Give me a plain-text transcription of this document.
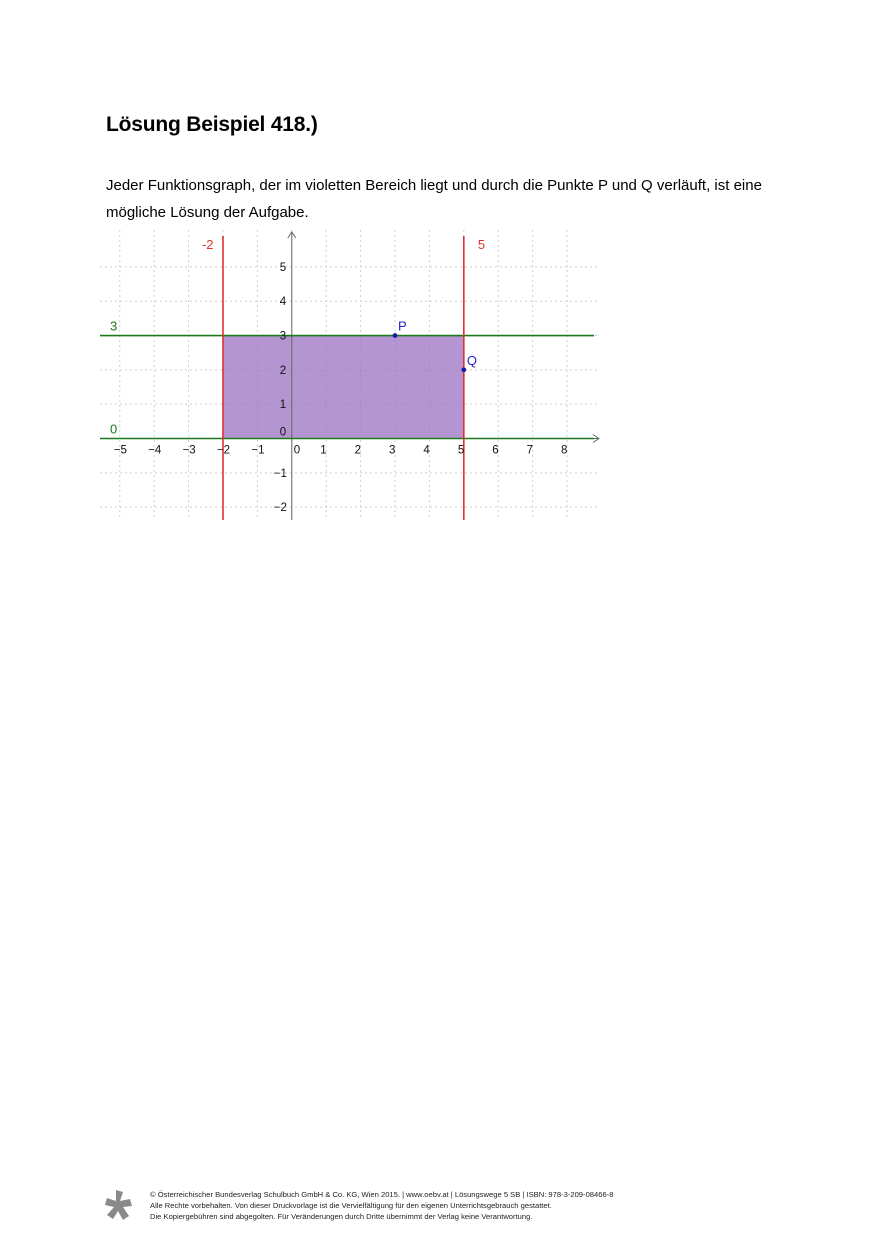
Lösung Beispiel 418.)
Jeder Funktionsgraph, der im violetten Bereich liegt und durch die Punkte P und Q verläuft, ist eine
mögliche Lösung der Aufgabe.
3
0
-2	5
−5 −4 −3 −2 −1	0 1 2 3 4 5 6 7 8
−2
−1
0
1
2
3
4
5
P
Q
© Österreichischer Bundesverlag Schulbuch GmbH & Co. KG, Wien 2015. | www.oebv.at | Lösungswege 5 SB | ISBN: 978-3-209-08466-8
Alle Rechte vorbehalten. Von dieser Druckvorlage ist die Vervielfältigung für den eigenen Unterrichtsgebrauch gestattet.
Die Kopiergebühren sind abgegolten. Für Veränderungen durch Dritte übernimmt der Verlag keine Verantwortung.
